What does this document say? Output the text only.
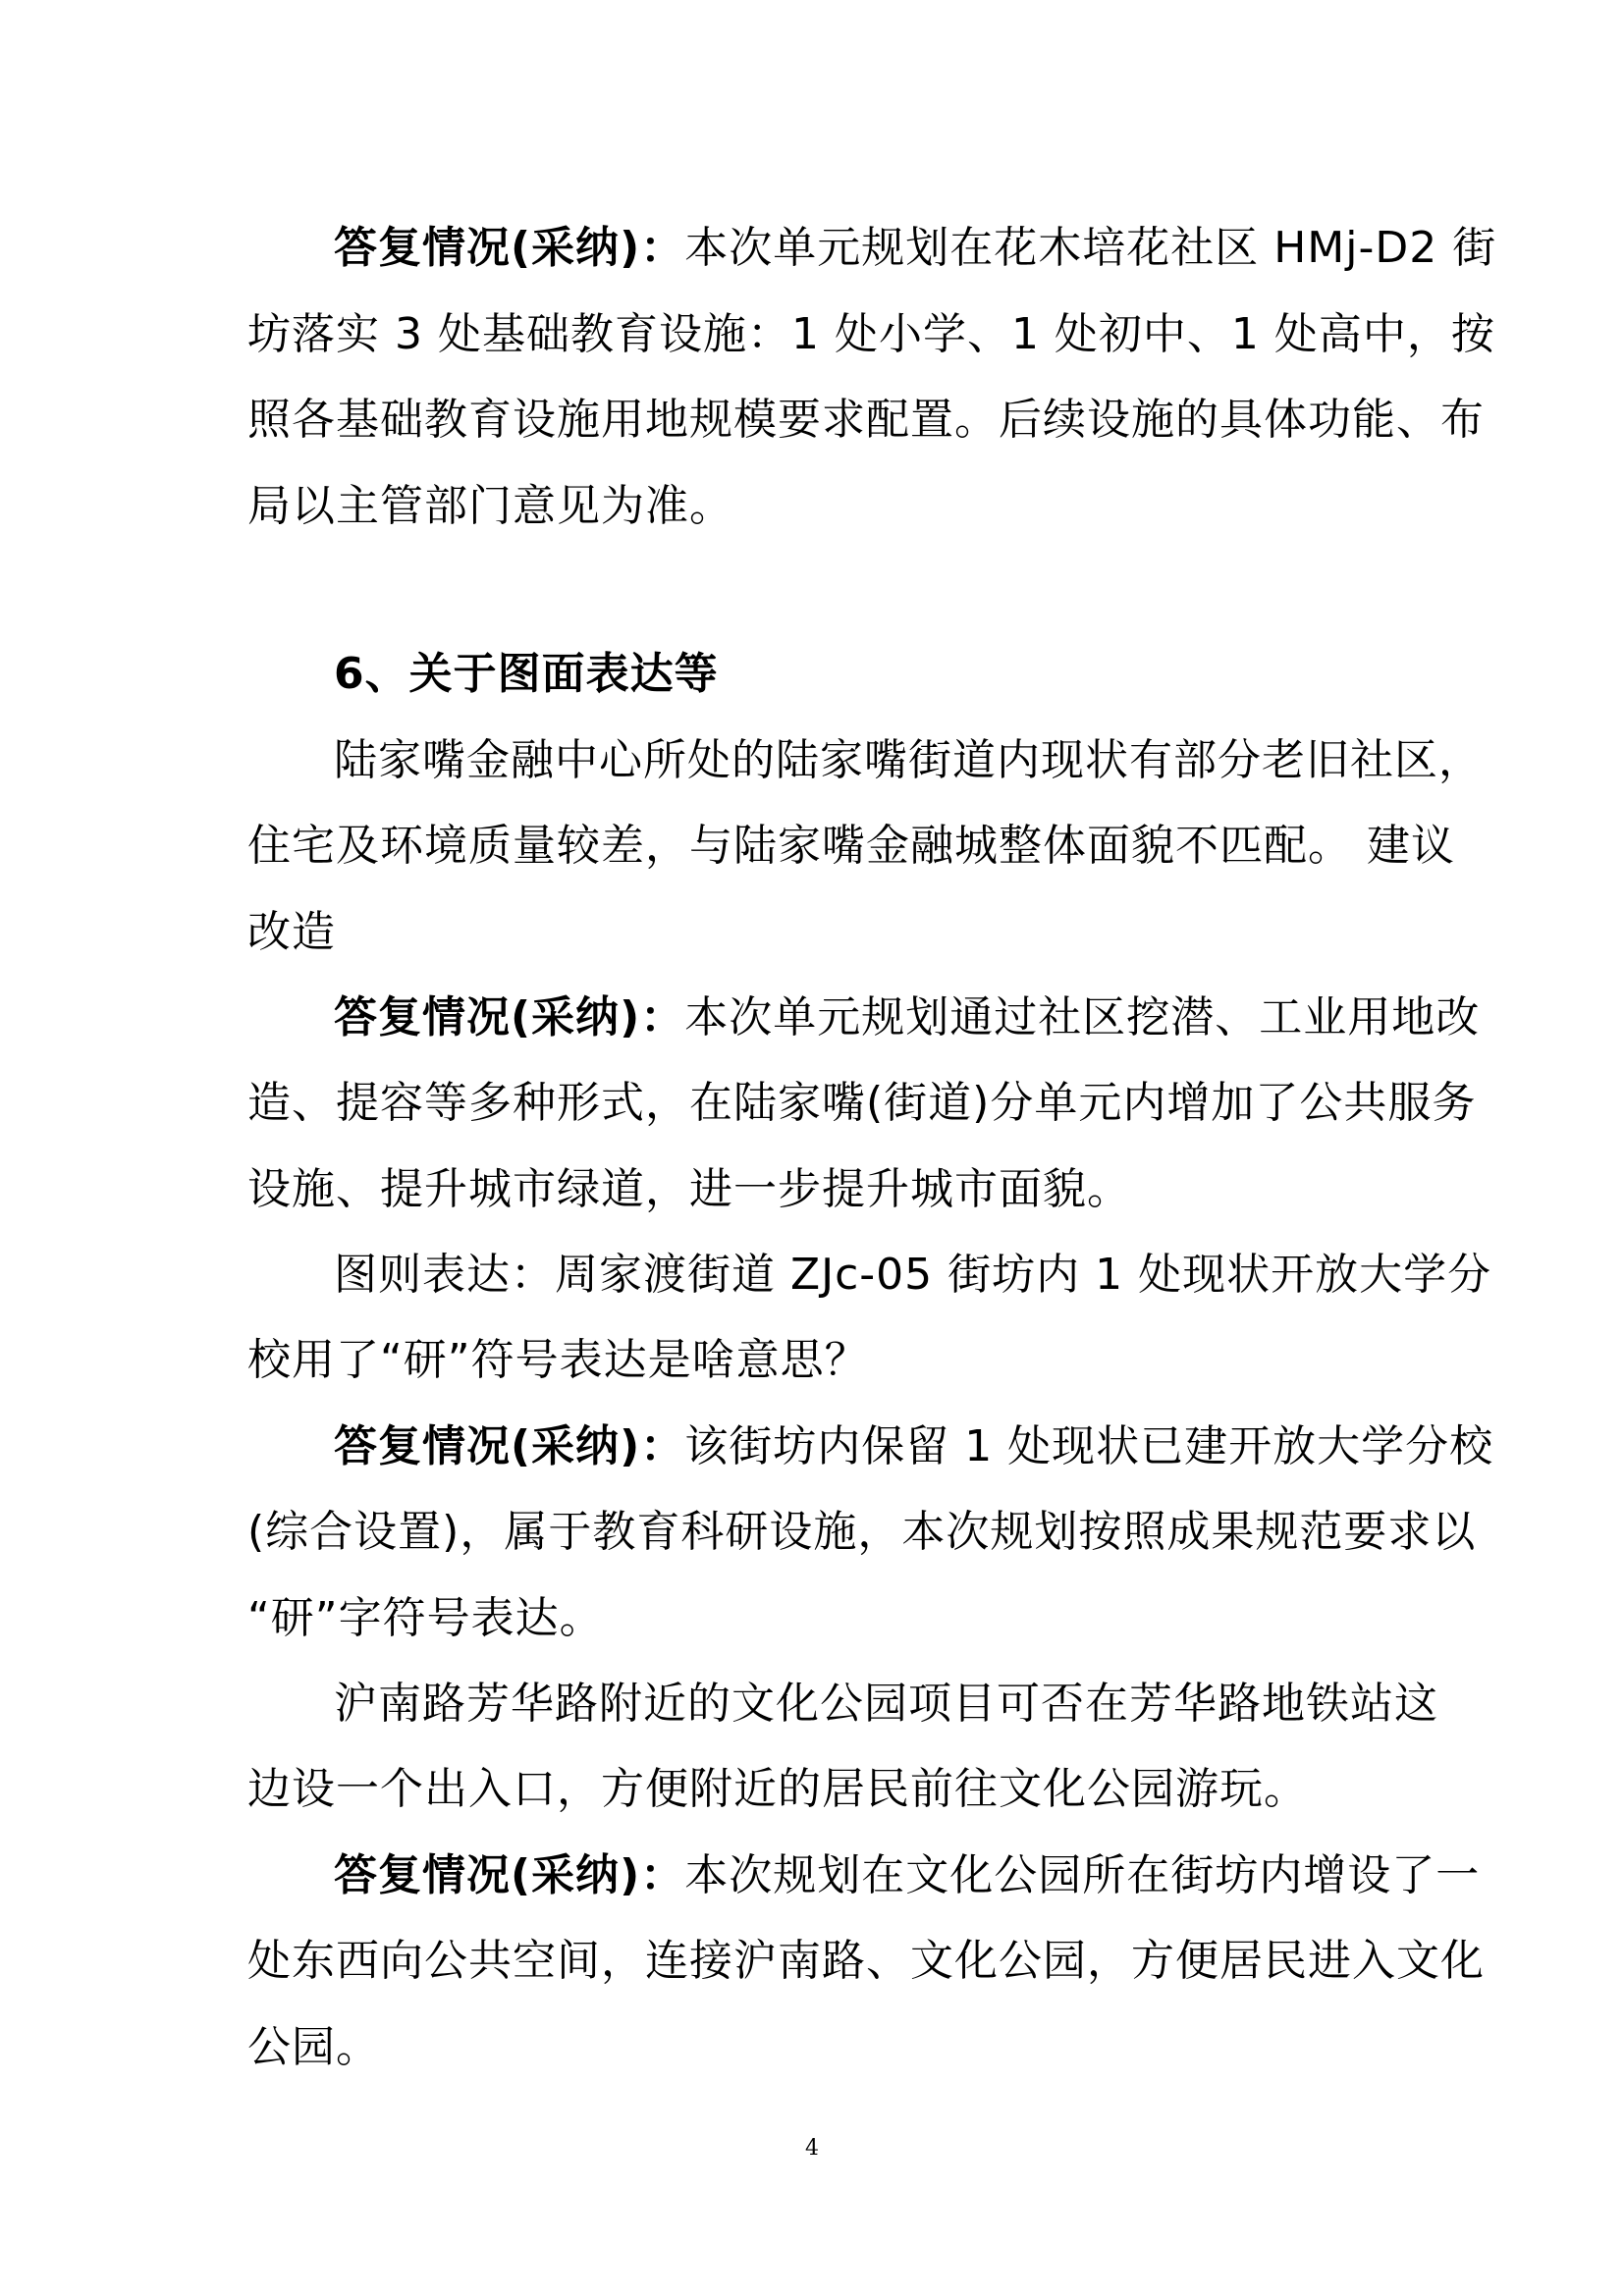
答复情况(采纳)：本次单元规划在花木培花社区 HMj-D2 街
坊落实 3 处基础教育设施：1 处小学、1 处初中、1 处高中，按
照各基础教育设施用地规模要求配置。后续设施的具体功能、布
局以主管部门意见为准。
6、关于图面表达等
陆家嘴金融中心所处的陆家嘴街道内现状有部分老旧社区，
住宅及环境质量较差，与陆家嘴金融城整体面貌不匹配。 建议
改造
答复情况(采纳)：本次单元规划通过社区挖潜、工业用地改
造、提容等多种形式，在陆家嘴(街道)分单元内增加了公共服务
设施、提升城市绿道，进一步提升城市面貌。
图则表达：周家渡街道 ZJc-05 街坊内 1 处现状开放大学分
校用了“研”符号表达是啥意思？
答复情况(采纳)：该街坊内保留 1 处现状已建开放大学分校
(综合设置)，属于教育科研设施，本次规划按照成果规范要求以
“研”字符号表达。
沪南路芳华路附近的文化公园项目可否在芳华路地铁站这
边设一个出入口，方便附近的居民前往文化公园游玩。
答复情况(采纳)：本次规划在文化公园所在街坊内增设了一
处东西向公共空间，连接沪南路、文化公园，方便居民进入文化
公园。
4
